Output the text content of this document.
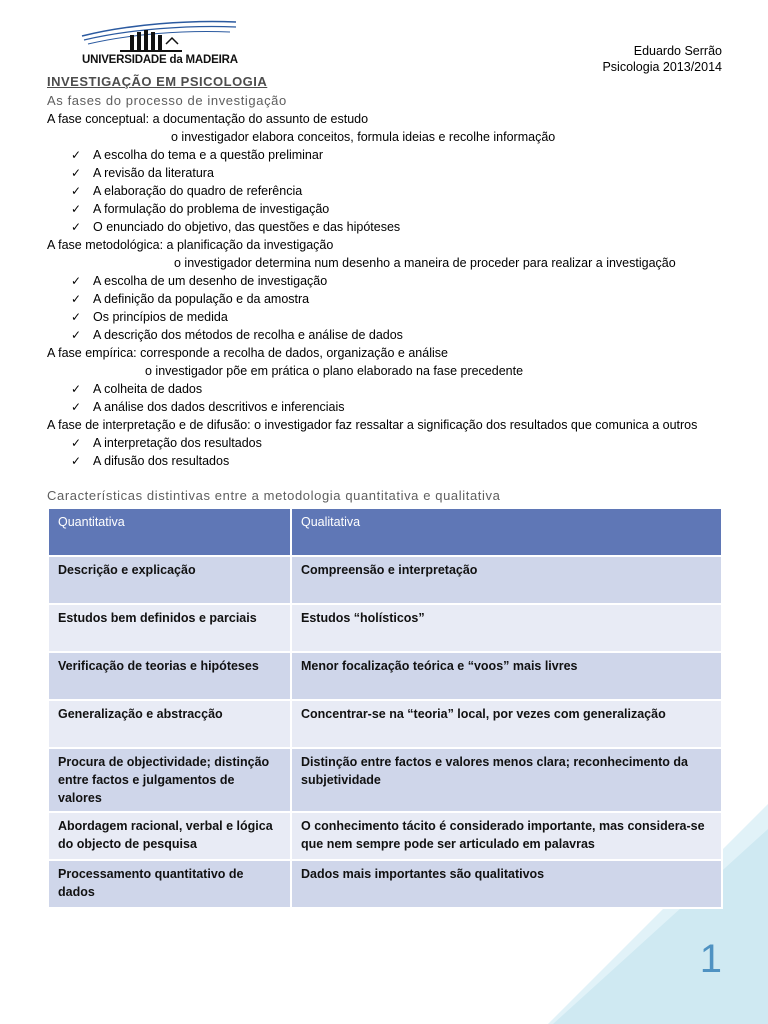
UNIVERSIDADE da MADEIRA
Eduardo Serrão
Psicologia 2013/2014
INVESTIGAÇÃO EM PSICOLOGIA
As fases do processo de investigação
A fase conceptual: a documentação do assunto de estudo
o investigador elabora conceitos, formula ideias e recolhe informação
✓ A escolha do tema e a questão preliminar
✓ A revisão da literatura
✓ A elaboração do quadro de referência
✓ A formulação do problema de investigação
✓ O enunciado do objetivo, das questões e das hipóteses
A fase metodológica: a planificação da investigação
o investigador determina num desenho a maneira de proceder para realizar a investigação
✓ A escolha de um desenho de investigação
✓ A definição da população e da amostra
✓ Os princípios de medida
✓ A descrição dos métodos de recolha e análise de dados
A fase empírica: corresponde a recolha de dados, organização e análise
o investigador põe em prática o plano elaborado na fase precedente
✓ A colheita de dados
✓ A análise dos dados descritivos e inferenciais
A fase de interpretação e de difusão: o investigador faz ressaltar a significação dos resultados que comunica a outros
✓ A interpretação dos resultados
✓ A difusão dos resultados
Características distintivas entre a metodologia quantitativa e qualitativa
Quantitativa	Qualitativa
Descrição e explicação	Compreensão e interpretação
Estudos bem definidos e parciais	Estudos “holísticos”
Verificação de teorias e hipóteses	Menor focalização teórica e “voos” mais livres
Generalização e abstracção	Concentrar-se na “teoria” local, por vezes com generalização
Procura de objectividade; distinção entre factos e julgamentos de valores	Distinção entre factos e valores menos clara; reconhecimento da subjetividade
Abordagem racional, verbal e lógica do objecto de pesquisa	O conhecimento tácito é considerado importante, mas considera-se que nem sempre pode ser articulado em palavras
Processamento quantitativo de dados	Dados mais importantes são qualitativos
1
